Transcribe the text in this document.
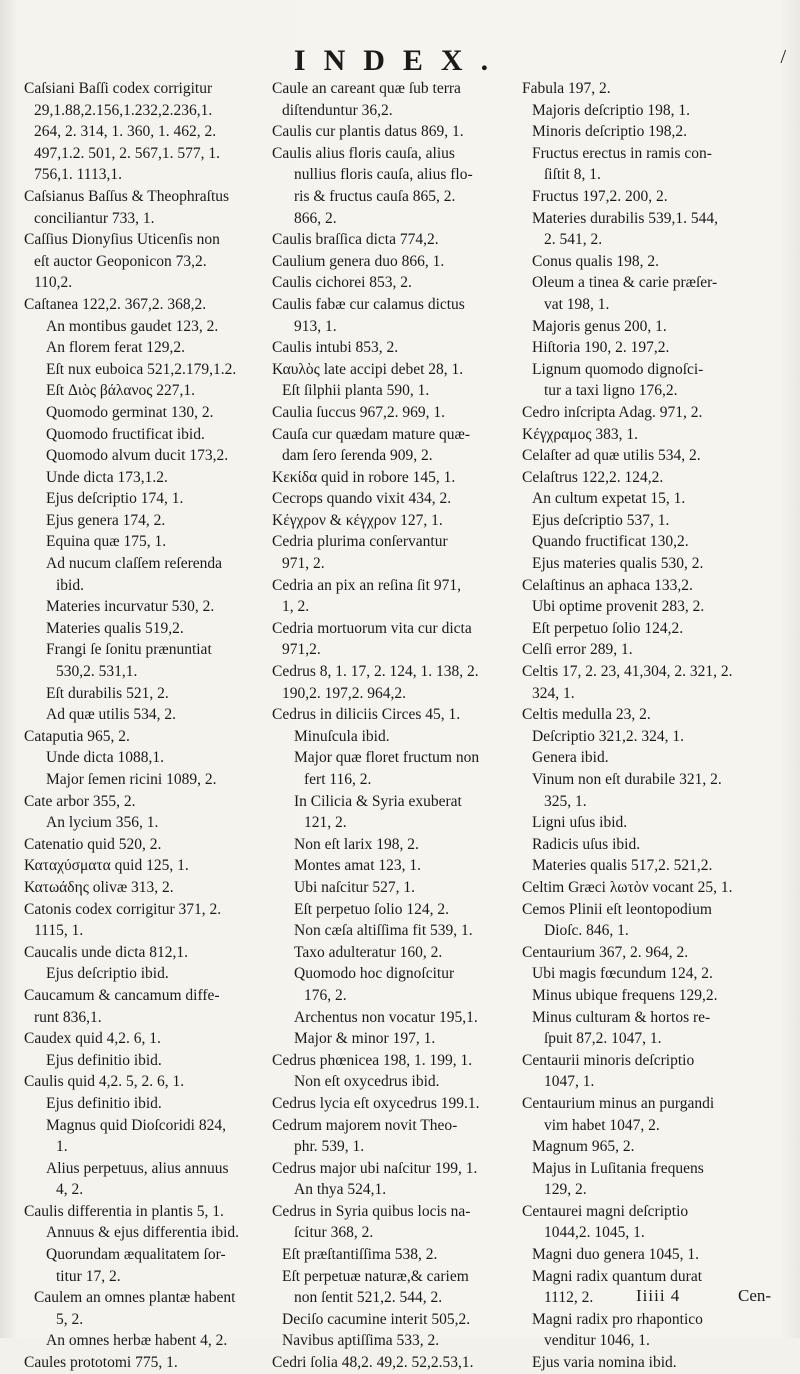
INDEX.	/
Caſsiani Baſſi codex corrigitur
29,1.88,2.156,1.232,2.236,1.
264, 2. 314, 1. 360, 1. 462, 2.
497,1.2. 501, 2. 567,1. 577, 1.
756,1. 1113,1.
Caſsianus Baſſus & Theophraſtus
conciliantur 733, 1.
Caſſius Dionyſius Uticenſis non
eſt auctor Geoponicon 73,2.
110,2.
Caſtanea 122,2. 367,2. 368,2.
An montibus gaudet 123, 2.
An florem ferat 129,2.
Eſt nux euboica 521,2.179,1.2.
Eſt Διὸς βάλανος 227,1.
Quomodo germinat 130, 2.
Quomodo fructificat ibid.
Quomodo alvum ducit 173,2.
Unde dicta 173,1.2.
Ejus deſcriptio 174, 1.
Ejus genera 174, 2.
Equina quæ 175, 1.
Ad nucum claſſem reſerenda
ibid.
Materies incurvatur 530, 2.
Materies qualis 519,2.
Frangi ſe ſonitu prænuntiat
530,2. 531,1.
Eſt durabilis 521, 2.
Ad quæ utilis 534, 2.
Cataputia 965, 2.
Unde dicta 1088,1.
Major ſemen ricini 1089, 2.
Cate arbor 355, 2.
An lycium 356, 1.
Catenatio quid 520, 2.
Καταχύσματα quid 125, 1.
Κατωάδης olivæ 313, 2.
Catonis codex corrigitur 371, 2.
1115, 1.
Caucalis unde dicta 812,1.
Ejus deſcriptio ibid.
Caucamum & cancamum diffe-
runt 836,1.
Caudex quid 4,2. 6, 1.
Ejus definitio ibid.
Caulis quid 4,2. 5, 2. 6, 1.
Ejus definitio ibid.
Magnus quid Dioſcoridi 824,
1.
Alius perpetuus, alius annuus
4, 2.
Caulis differentia in plantis 5, 1.
Annuus & ejus differentia ibid.
Quorundam æqualitatem ſor-
titur 17, 2.
Caulem an omnes plantæ habent
5, 2.
An omnes herbæ habent 4, 2.
Caules prototomi 775, 1.
Caule an careant quæ ſub terra
diſtenduntur 36,2.
Caulis cur plantis datus 869, 1.
Caulis alius floris cauſa, alius
nullius floris cauſa, alius flo-
ris & fructus cauſa 865, 2.
866, 2.
Caulis braſſica dicta 774,2.
Caulium genera duo 866, 1.
Caulis cichorei 853, 2.
Caulis fabæ cur calamus dictus
913, 1.
Caulis intubi 853, 2.
Καυλὸς late accipi debet 28, 1.
Eſt ſilphii planta 590, 1.
Caulia ſuccus 967,2. 969, 1.
Cauſa cur quædam mature quæ-
dam ſero ſerenda 909, 2.
Κεκίδα quid in robore 145, 1.
Cecrops quando vixit 434, 2.
Κέγχρον & κέγχρον 127, 1.
Cedria plurima conſervantur
971, 2.
Cedria an pix an reſina ſit 971,
1, 2.
Cedria mortuorum vita cur dicta
971,2.
Cedrus 8, 1. 17, 2. 124, 1. 138, 2.
190,2. 197,2. 964,2.
Cedrus in diliciis Circes 45, 1.
Minuſcula ibid.
Major quæ floret fructum non
fert 116, 2.
In Cilicia & Syria exuberat
121, 2.
Non eſt larix 198, 2.
Montes amat 123, 1.
Ubi naſcitur 527, 1.
Eſt perpetuo ſolio 124, 2.
Non cæſa altiſſima fit 539, 1.
Taxo adulteratur 160, 2.
Quomodo hoc dignoſcitur
176, 2.
Archentus non vocatur 195,1.
Major & minor 197, 1.
Cedrus phœnicea 198, 1. 199, 1.
Non eſt oxycedrus ibid.
Cedrus lycia eſt oxycedrus 199.1.
Cedrum majorem novit Theo-
phr. 539, 1.
Cedrus major ubi naſcitur 199, 1.
An thya 524,1.
Cedrus in Syria quibus locis na-
ſcitur 368, 2.
Eſt præſtantiſſima 538, 2.
Eſt perpetuæ naturæ,& cariem
non ſentit 521,2. 544, 2.
Deciſo cacumine interit 505,2.
Navibus aptiſſima 533, 2.
Cedri ſolia 48,2. 49,2. 52,2.53,1.
Fabula 197, 2.
Majoris deſcriptio 198, 1.
Minoris deſcriptio 198,2.
Fructus erectus in ramis con-
ſiſtit 8, 1.
Fructus 197,2. 200, 2.
Materies durabilis 539,1. 544,
2. 541, 2.
Conus qualis 198, 2.
Oleum a tinea & carie præſer-
vat 198, 1.
Majoris genus 200, 1.
Hiſtoria 190, 2. 197,2.
Lignum quomodo dignoſci-
tur a taxi ligno 176,2.
Cedro inſcripta Adag. 971, 2.
Κέγχραμος 383, 1.
Celaſter ad quæ utilis 534, 2.
Celaſtrus 122,2. 124,2.
An cultum expetat 15, 1.
Ejus deſcriptio 537, 1.
Quando fructificat 130,2.
Ejus materies qualis 530, 2.
Celaſtinus an aphaca 133,2.
Ubi optime provenit 283, 2.
Eſt perpetuo ſolio 124,2.
Celſi error 289, 1.
Celtis 17, 2. 23, 41,304, 2. 321, 2.
324, 1.
Celtis medulla 23, 2.
Deſcriptio 321,2. 324, 1.
Genera ibid.
Vinum non eſt durabile 321, 2.
325, 1.
Ligni uſus ibid.
Radicis uſus ibid.
Materies qualis 517,2. 521,2.
Celtim Græci λωτὸν vocant 25, 1.
Cemos Plinii eſt leontopodium
Dioſc. 846, 1.
Centaurium 367, 2. 964, 2.
Ubi magis fœcundum 124, 2.
Minus ubique frequens 129,2.
Minus culturam & hortos re-
ſpuit 87,2. 1047, 1.
Centaurii minoris deſcriptio
1047, 1.
Centaurium minus an purgandi
vim habet 1047, 2.
Magnum 965, 2.
Majus in Luſitania frequens
129, 2.
Centaurei magni deſcriptio
1044,2. 1045, 1.
Magni duo genera 1045, 1.
Magni radix quantum durat
1112, 2.
Magni radix pro rhapontico
venditur 1046, 1.
Ejus varia nomina ibid.
Iiiii 4	Cen-
